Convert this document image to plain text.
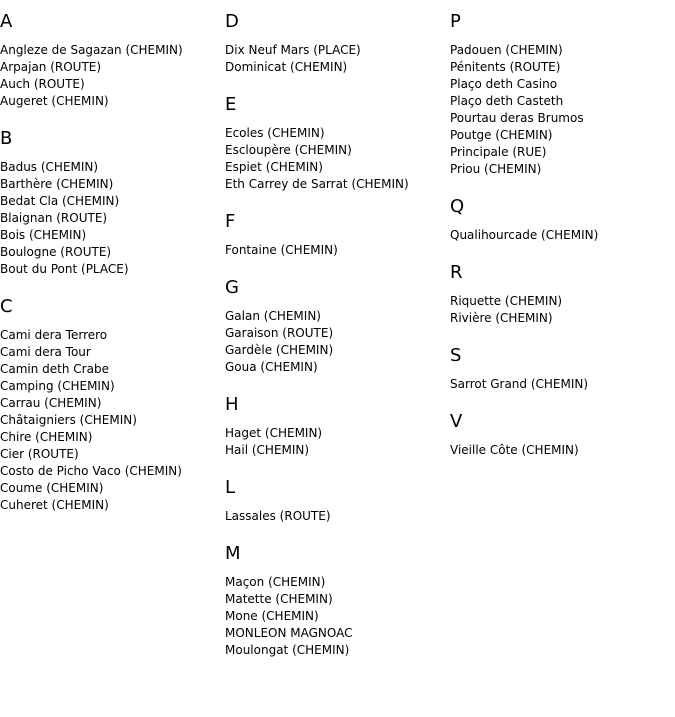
A
Angleze de Sagazan (CHEMIN)
Arpajan (ROUTE)
Auch (ROUTE)
Augeret (CHEMIN)
B
Badus (CHEMIN)
Barthère (CHEMIN)
Bedat Cla (CHEMIN)
Blaignan (ROUTE)
Bois (CHEMIN)
Boulogne (ROUTE)
Bout du Pont (PLACE)
C
Cami dera Terrero
Cami dera Tour
Camin deth Crabe
Camping (CHEMIN)
Carrau (CHEMIN)
Châtaigniers (CHEMIN)
Chire (CHEMIN)
Cier (ROUTE)
Costo de Picho Vaco (CHEMIN)
Coume (CHEMIN)
Cuheret (CHEMIN)
D
Dix Neuf Mars (PLACE)
Dominicat (CHEMIN)
E
Ecoles (CHEMIN)
Escloupère (CHEMIN)
Espiet (CHEMIN)
Eth Carrey de Sarrat (CHEMIN)
F
Fontaine (CHEMIN)
G
Galan (CHEMIN)
Garaison (ROUTE)
Gardèle (CHEMIN)
Goua (CHEMIN)
H
Haget (CHEMIN)
Hail (CHEMIN)
L
Lassales (ROUTE)
M
Maçon (CHEMIN)
Matette (CHEMIN)
Mone (CHEMIN)
MONLEON MAGNOAC
Moulongat (CHEMIN)
P
Padouen (CHEMIN)
Pénitents (ROUTE)
Plaço deth Casino
Plaço deth Casteth
Pourtau deras Brumos
Poutge (CHEMIN)
Principale (RUE)
Priou (CHEMIN)
Q
Qualihourcade (CHEMIN)
R
Riquette (CHEMIN)
Rivière (CHEMIN)
S
Sarrot Grand (CHEMIN)
V
Vieille Côte (CHEMIN)
